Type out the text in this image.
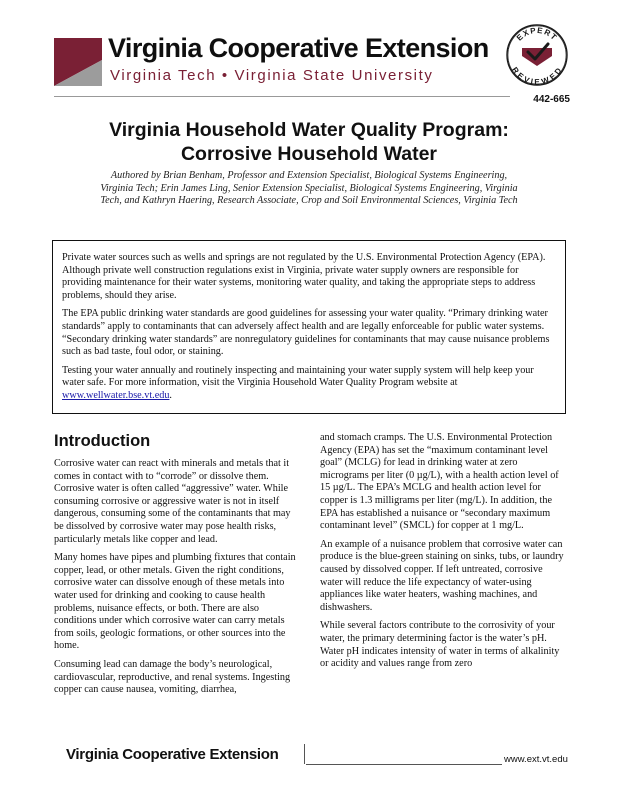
Virginia Cooperative Extension
Virginia Tech • Virginia State University
EXPERT
REVIEWED
442-665
Virginia Household Water Quality Program:
Corrosive Household Water
Authored by Brian Benham, Professor and Extension Specialist, Biological Systems Engineering, Virginia Tech; Erin James Ling, Senior Extension Specialist, Biological Systems Engineering, Virginia Tech, and Kathryn Haering, Research Associate, Crop and Soil Environmental Sciences, Virginia Tech

Private water sources such as wells and springs are not regulated by the U.S. Environmental Protection Agency (EPA). Although private well construction regulations exist in Virginia, private water supply owners are responsible for providing maintenance for their water systems, monitoring water quality, and taking the appropriate steps to address problems, should they arise.

The EPA public drinking water standards are good guidelines for assessing your water quality. “Primary drinking water standards” apply to contaminants that can adversely affect health and are legally enforceable for public water systems. “Secondary drinking water standards” are nonregulatory guidelines for contaminants that may cause nuisance problems such as bad taste, foul odor, or staining.

Testing your water annually and routinely inspecting and maintaining your water supply system will help keep your water safe. For more information, visit the Virginia Household Water Quality Program website at www.wellwater.bse.vt.edu.

Introduction

Corrosive water can react with minerals and metals that it comes in contact with to “corrode” or dissolve them. Corrosive water is often called “aggressive” water. While consuming corrosive or aggressive water is not in itself dangerous, consuming some of the contaminants that may be dissolved by corrosive water may pose health risks, particularly metals like copper and lead.

Many homes have pipes and plumbing fixtures that contain copper, lead, or other metals. Given the right conditions, corrosive water can dissolve enough of these metals into water used for drinking and cooking to cause health problems, nuisance effects, or both. There are also conditions under which corrosive water can carry metals from soils, geologic formations, or other sources into the home.

Consuming lead can damage the body’s neurological, cardiovascular, reproductive, and renal systems. Ingesting copper can cause nausea, vomiting, diarrhea,

and stomach cramps. The U.S. Environmental Protection Agency (EPA) has set the “maximum contaminant level goal” (MCLG) for lead in drinking water at zero micrograms per liter (0 µg/L), with a health action level of 15 µg/L. The EPA’s MCLG and health action level for copper is 1.3 milligrams per liter (mg/L). In addition, the EPA has established a nuisance or “secondary maximum contaminant level” (SMCL) for copper at 1 mg/L.

An example of a nuisance problem that corrosive water can produce is the blue-green staining on sinks, tubs, or laundry caused by dissolved copper. If left untreated, corrosive water will reduce the life expectancy of water-using appliances like water heaters, washing machines, and dishwashers.

While several factors contribute to the corrosivity of your water, the primary determining factor is the water’s pH. Water pH indicates intensity of water in terms of alkalinity or acidity and values range from zero

Virginia Cooperative Extension	www.ext.vt.edu
